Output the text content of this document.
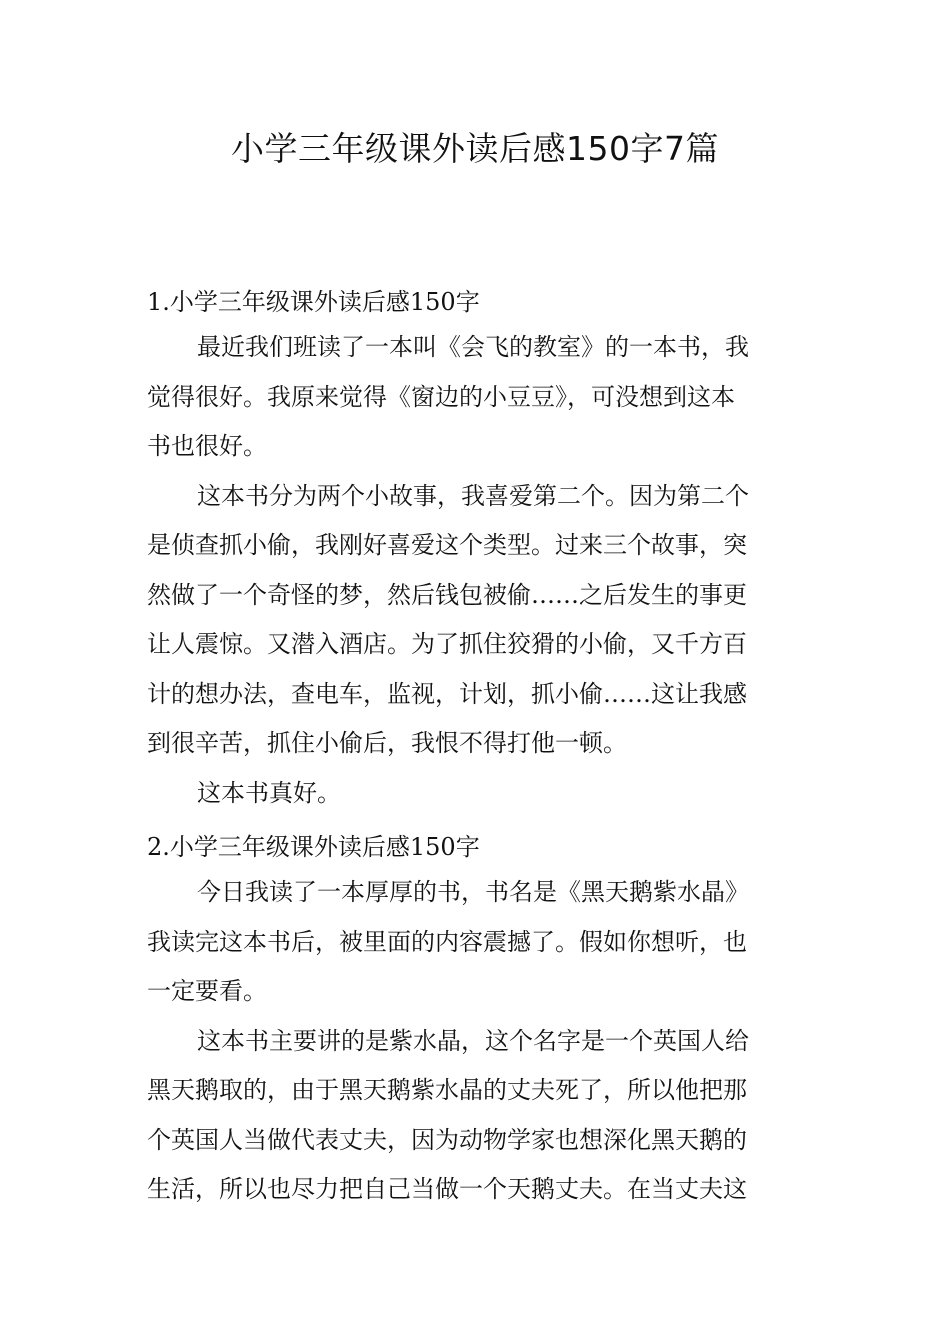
小学三年级课外读后感150字7篇
1.小学三年级课外读后感150字
最近我们班读了一本叫《会飞的教室》的一本书，我
觉得很好。我原来觉得《窗边的小豆豆》，可没想到这本
书也很好。
这本书分为两个小故事，我喜爱第二个。因为第二个
是侦查抓小偷，我刚好喜爱这个类型。过来三个故事，突
然做了一个奇怪的梦，然后钱包被偷……之后发生的事更
让人震惊。又潜入酒店。为了抓住狡猾的小偷，又千方百
计的想办法，查电车，监视，计划，抓小偷……这让我感
到很辛苦，抓住小偷后，我恨不得打他一顿。
这本书真好。
2.小学三年级课外读后感150字
今日我读了一本厚厚的书，书名是《黑天鹅紫水晶》
我读完这本书后，被里面的内容震撼了。假如你想听，也
一定要看。
这本书主要讲的是紫水晶，这个名字是一个英国人给
黑天鹅取的，由于黑天鹅紫水晶的丈夫死了，所以他把那
个英国人当做代表丈夫，因为动物学家也想深化黑天鹅的
生活，所以也尽力把自己当做一个天鹅丈夫。在当丈夫这
